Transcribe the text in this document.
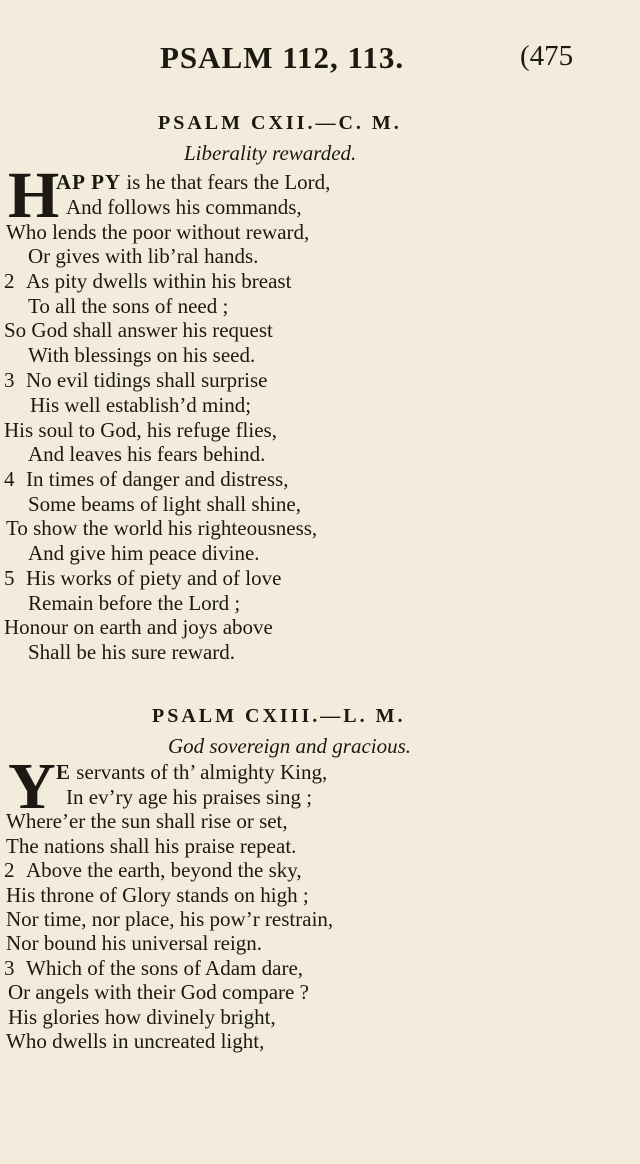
PSALM 112, 113.	(475
PSALM CXII.—C. M.
Liberality rewarded.
H
AP PY is he that fears the Lord,
And follows his commands,
Who lends the poor without reward,
Or gives with lib’ral hands.
2 As pity dwells within his breast
To all the sons of need ;
So God shall answer his request
With blessings on his seed.
3 No evil tidings shall surprise
His well establish’d mind;
His soul to God, his refuge flies,
And leaves his fears behind.
4 In times of danger and distress,
Some beams of light shall shine,
To show the world his righteousness,
And give him peace divine.
5 His works of piety and of love
Remain before the Lord ;
Honour on earth and joys above
Shall be his sure reward.
PSALM CXIII.—L. M.
God sovereign and gracious.
Y E servants of th’ almighty King,
In ev’ry age his praises sing ;
Where’er the sun shall rise or set,
The nations shall his praise repeat.
2 Above the earth, beyond the sky,
His throne of Glory stands on high ;
Nor time, nor place, his pow’r restrain,
Nor bound his universal reign.
3 Which of the sons of Adam dare,
Or angels with their God compare ?
His glories how divinely bright,
Who dwells in uncreated light,
